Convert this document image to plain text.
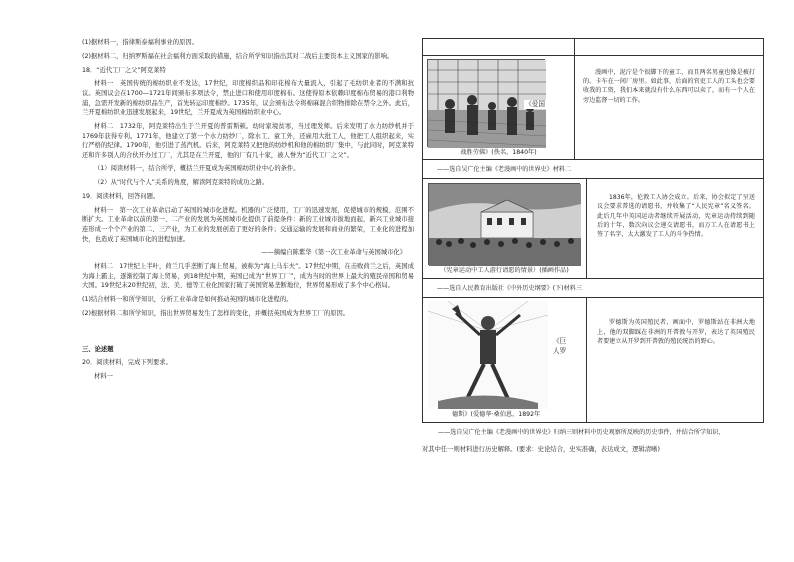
(1)据材料一，指律斯泰福利事业的原因。

(2)据材料二，归纳罗斯福在社会福利方面采取的措施，结合所学知识指出其对二战后主要资本主义国家的影响。

18．“近代工厂之父”阿克莱特

材料一　英国传统的棉纺织业不发达，17世纪，印度棉织品和印花棉布大量流入，引起了毛纺织业者的不满和抗议。英国议会在1700—1721年间颁布多项法令，禁止进口和使用印度棉布。这使得原本依赖印度棉布贸易的港口利物浦，急需开发新的棉纺织品生产，首先转运印度棉纱。1735年，议会颁布法令将棉麻混合织物排除在禁令之外。此后，兰开夏棉纺织业迅速发展起来，19世纪，兰开夏成为英国棉纺织业中心。

材料二　1732年，阿克莱特出生于兰开夏的普雷斯顿。幼时家境贫寒，当过理发师。后来发明了水力纺纱机并于1769年获得专利。1771年，他建立了第一个水力纺纱厂，除水工、童工外，还雇用大批工人，他把工人组织起来，实行严格的纪律。1790年，他引进了蒸汽机。后来，阿克莱特又把他的纺纱机和他的棉纺织厂集中，与此同时，阿克莱特还和许多别人的合伙开办过工厂，尤其是在兰开夏，他的厂有几十家，被人誉为“近代工厂之父”。

（1）阅读材料一，结合所学，概括兰开夏成为英国棉纺织业中心的条件。

（2）从“时代与个人”关系的角度，解读阿克莱特的成功之路。

19．阅读材料，回答问题。

材料一　第一次工业革命启动了英国的城市化进程。机器的广泛使用，工厂的迅速发展，促使城市的规模、范围不断扩大。工业革命以前的第一、二产业的发展为英国城市化提供了前提条件：新的工业城市拔地而起，新兴工业城市接连形成一个个产业的第二、三产业，为工业的发展创造了更好的条件；交通运输的发展和商业的繁荣，工业化的进程加快，也造成了英国城市化的进程加速。

——摘编自陈紫华《第一次工业革命与英国城市化》

材料二　17世纪上半叶，荷兰几乎垄断了海上贸易，被称为“海上马车夫”。17世纪中期，在击败荷兰之后，英国成为海上霸主，逐渐控制了海上贸易，到18世纪中期，英国已成为“世界工厂”，成为当时的世界上最大的殖民帝国和贸易大国。19世纪末20世纪初，法、美、德等工业化国家打破了英国贸易垄断地位，世界贸易形成了多个中心格局。

(1)结合材料一和所学知识，分析工业革命是如何推动英国的城市化进程的。

(2)根据材料二和所学知识，指出世界贸易发生了怎样的变化，并概括英国成为世界工厂的原因。

三、论述题

20．阅读材料，完成下列要求。

材料一

《爱国
战胜劳佛》(佚名，1840年)	漫画中，泥泞是个很脚下的童工，而且两名男童也像是被打的。卡车在一间厂房里。如此事，后面的官吏工人的工头也会要收我的工资，我们本来就没有什么东西可以卖了，而有一个人在旁边监督一切的工作。

——选自吴广伦主编《老漫画中的世界史》材料二
（宪章运动中工人游行请愿的情景）(插画作品)

1836年，伦敦工人协会成立。后来，协会拟定了呈送议会要求普选的请愿书，并收集了“人民宪章”名义签名。此后几年中英国运动者继续开展活动，宪章运动持续到随后的十年，数次向议会递交请愿书，而万工人在请愿书上签了名字，太大激发了工人的斗争热情。

——选自人民教育出版社《中外历史纲要》(下)材料三
《巨人罗
德斯》(爱德华·桑伯恩，1892年

罗德斯为英国殖民者，画面中，罗德斯站在非洲大地上，他的双脚踩在非洲的开普敦与开罗，表达了英国殖民者要建立从开罗到开普敦的殖民统治的野心。

——选自吴广伦主编《老漫画中的世界史》归纳三则材料中历史观察所反映的历史事件，并结合所学知识，
对其中任一则材料进行历史解释。(要求：史论结合，史实准确，表达成文，逻辑清晰)
